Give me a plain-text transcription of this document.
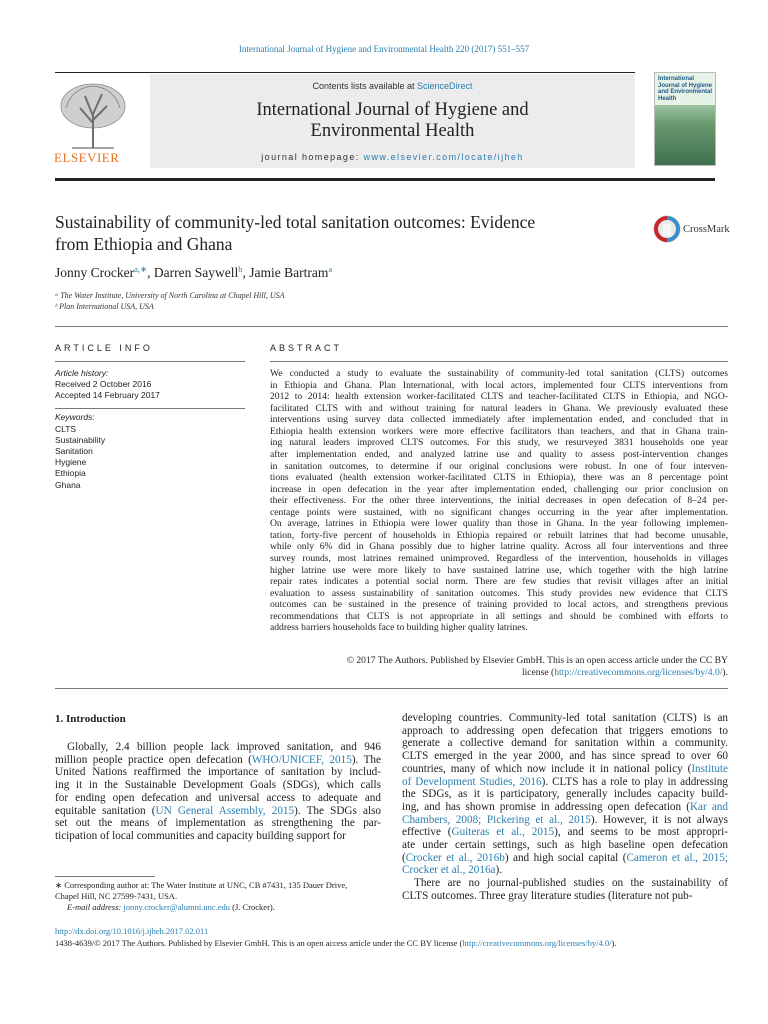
International Journal of Hygiene and Environmental Health 220 (2017) 551–557
ELSEVIER
Contents lists available at ScienceDirect
International Journal of Hygiene and
Environmental Health
journal homepage: www.elsevier.com/locate/ijheh
International Journal of Hygiene and Environmental Health
Sustainability of community-led total sanitation outcomes: Evidence
from Ethiopia and Ghana
CrossMark
Jonny Crocker$^{a,∗}$, Darren Saywell$^b$, Jamie Bartram$^a$
ᵃ The Water Institute, University of North Carolina at Chapel Hill, USA
ᵇ Plan International USA, USA
ARTICLE INFO	ABSTRACT
Article history:
Received 2 October 2016
Accepted 14 February 2017
Keywords:
CLTS
Sustainability
Sanitation
Hygiene
Ethiopia
Ghana
We conducted a study to evaluate the sustainability of community-led total sanitation (CLTS) outcomes
in Ethiopia and Ghana. Plan International, with local actors, implemented four CLTS interventions from
2012 to 2014: health extension worker-facilitated CLTS and teacher-facilitated CLTS in Ethiopia, and NGO-
facilitated CLTS with and without training for natural leaders in Ghana. We previously evaluated these
interventions using survey data collected immediately after implementation ended, and concluded that in
Ethiopia health extension workers were more effective facilitators than teachers, and that in Ghana train-
ing natural leaders improved CLTS outcomes. For this study, we resurveyed 3831 households one year
after implementation ended, and analyzed latrine use and quality to assess post-intervention changes
in sanitation outcomes, to determine if our original conclusions were robust. In one of four interven-
tions evaluated (health extension worker-facilitated CLTS in Ethiopia), there was an 8 percentage point
increase in open defecation in the year after implementation ended, challenging our prior conclusion on
their effectiveness. For the other three interventions, the initial decreases in open defecation of 8–24 per-
centage points were sustained, with no significant changes occurring in the year after implementation.
On average, latrines in Ethiopia were lower quality than those in Ghana. In the year following implemen-
tation, forty-five percent of households in Ethiopia repaired or rebuilt latrines that had become unusable,
while only 6% did in Ghana possibly due to higher latrine quality. Across all four interventions and three
survey rounds, most latrines remained unimproved. Regardless of the intervention, households in villages
higher latrine use were more likely to have sustained latrine use, which together with the high latrine
repair rates indicates a potential social norm. There are few studies that revisit villages after an initial
evaluation to assess sustainability of sanitation outcomes. This study provides new evidence that CLTS
outcomes can be sustained in the presence of training provided to local actors, and strengthens previous
recommendations that CLTS is not appropriate in all settings and should be combined with efforts to
address barriers households face to building higher quality latrines.
© 2017 The Authors. Published by Elsevier GmbH. This is an open access article under the CC BY
license (http://creativecommons.org/licenses/by/4.0/).
1. Introduction
Globally, 2.4 billion people lack improved sanitation, and 946
million people practice open defecation (WHO/UNICEF, 2015). The
United Nations reaffirmed the importance of sanitation by includ-
ing it in the Sustainable Development Goals (SDGs), which calls
for ending open defecation and universal access to adequate and
equitable sanitation (UN General Assembly, 2015). The SDGs also
set out the means of implementation as strengthening the par-
ticipation of local communities and capacity building support for
developing countries. Community-led total sanitation (CLTS) is an
approach to addressing open defecation that triggers emotions to
generate a collective demand for sanitation within a community.
CLTS emerged in the year 2000, and has since spread to over 60
countries, many of which now include it in national policy (Institute
of Development Studies, 2016). CLTS has a role to play in addressing
the SDGs, as it is participatory, generally includes capacity build-
ing, and has shown promise in addressing open defecation (Kar and
Chambers, 2008; Pickering et al., 2015). However, it is not always
effective (Guiteras et al., 2015), and seems to be most appropri-
ate under certain settings, such as high baseline open defecation
(Crocker et al., 2016b) and high social capital (Cameron et al., 2015;
Crocker et al., 2016a).
There are no journal-published studies on the sustainability of
CLTS outcomes. Three gray literature studies (literature not pub-
∗ Corresponding author at: The Water Institute at UNC, CB #7431, 135 Dauer Drive,
Chapel Hill, NC 27599-7431, USA.
E-mail address: jonny.crocker@alumni.unc.edu (J. Crocker).
http://dx.doi.org/10.1016/j.ijheh.2017.02.011
1438-4639/© 2017 The Authors. Published by Elsevier GmbH. This is an open access article under the CC BY license (http://creativecommons.org/licenses/by/4.0/).
